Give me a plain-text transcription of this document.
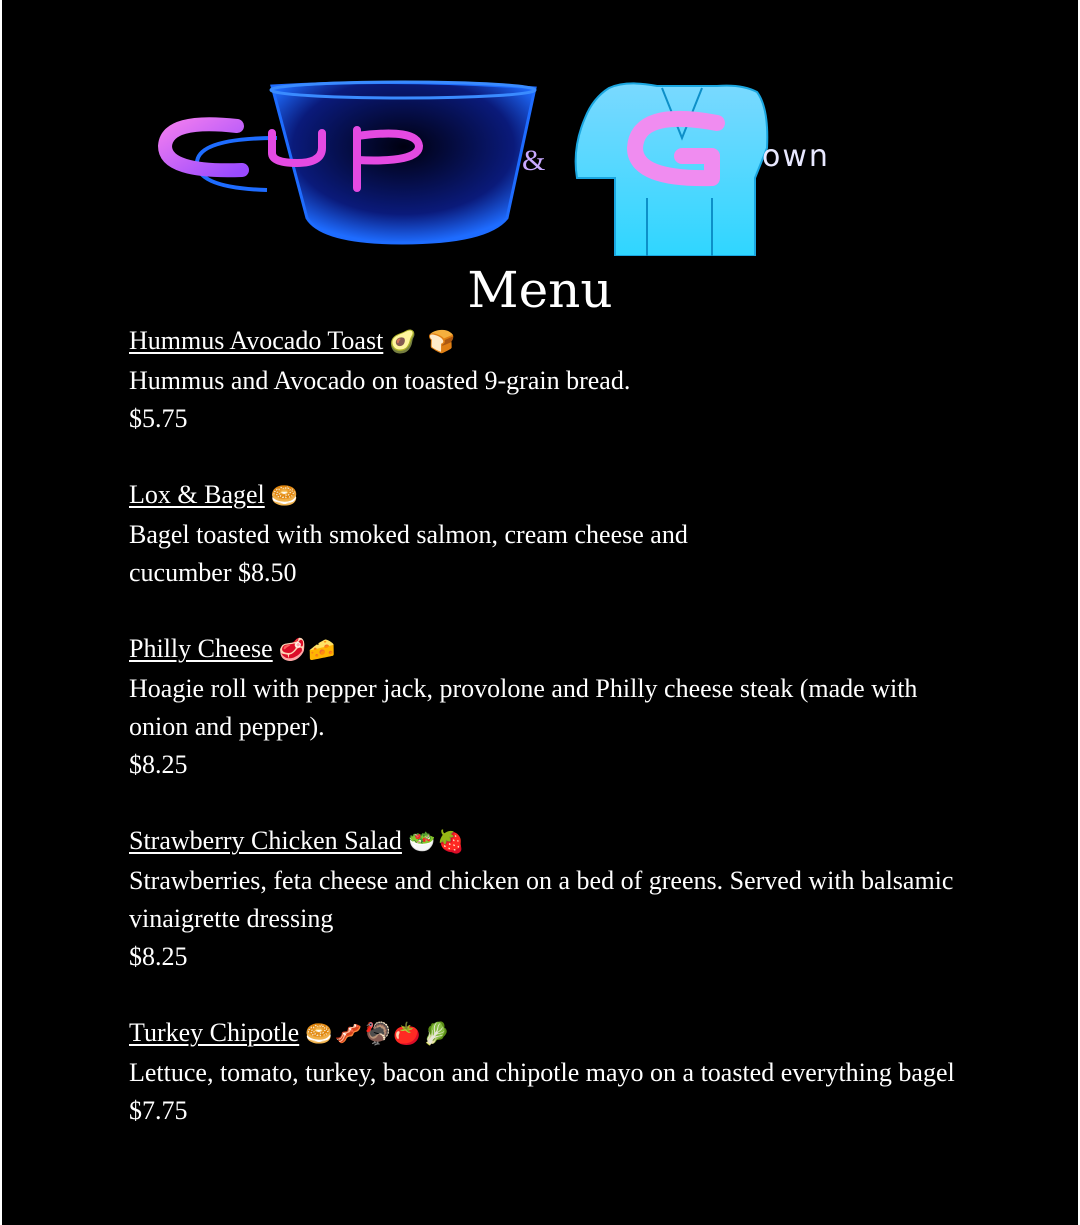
&	own
Menu
Hummus Avocado Toast 🥑 🍞
Hummus and Avocado on toasted 9-grain bread.
$5.75
Lox & Bagel 🥯
Bagel toasted with smoked salmon, cream cheese and
cucumber $8.50
Philly Cheese 🥩🧀
Hoagie roll with pepper jack, provolone and Philly cheese steak (made with onion and pepper).
$8.25
Strawberry Chicken Salad 🥗🍓
Strawberries, feta cheese and chicken on a bed of greens. Served with balsamic vinaigrette dressing
$8.25
Turkey Chipotle 🥯🥓🦃🍅🥬
Lettuce, tomato, turkey, bacon and chipotle mayo on a toasted everything bagel
$7.75
